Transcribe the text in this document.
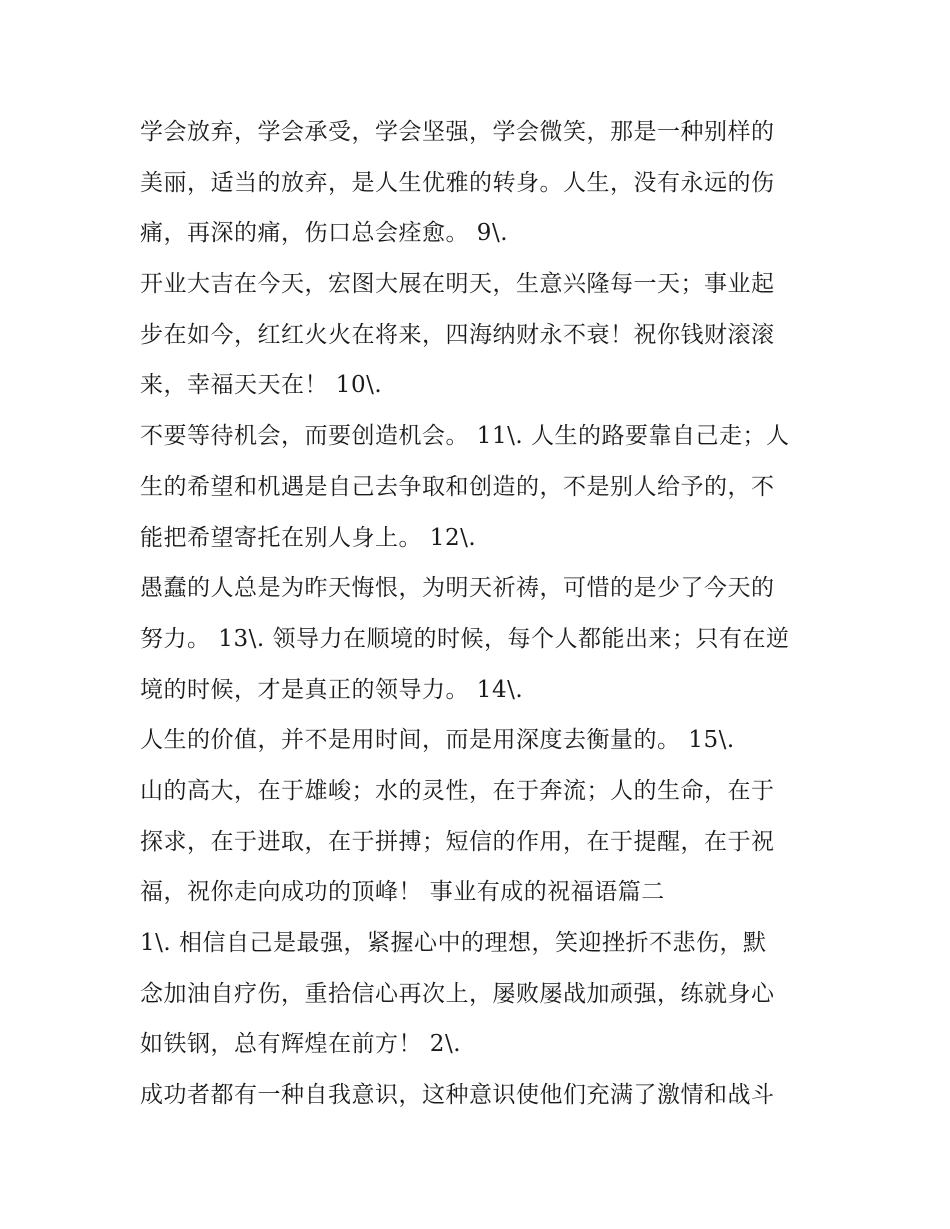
学会放弃，学会承受，学会坚强，学会微笑，那是一种别样的
美丽，适当的放弃，是人生优雅的转身。人生，没有永远的伤
痛，再深的痛，伤口总会痊愈。 9\.
开业大吉在今天，宏图大展在明天，生意兴隆每一天；事业起
步在如今，红红火火在将来，四海纳财永不衰！祝你钱财滚滚
来，幸福天天在！ 10\.
不要等待机会，而要创造机会。 11\. 人生的路要靠自己走；人
生的希望和机遇是自己去争取和创造的，不是别人给予的，不
能把希望寄托在别人身上。 12\.
愚蠢的人总是为昨天悔恨，为明天祈祷，可惜的是少了今天的
努力。 13\. 领导力在顺境的时候，每个人都能出来；只有在逆
境的时候，才是真正的领导力。 14\.
人生的价值，并不是用时间，而是用深度去衡量的。 15\.
山的高大，在于雄峻；水的灵性，在于奔流；人的生命，在于
探求，在于进取，在于拼搏；短信的作用，在于提醒，在于祝
福，祝你走向成功的顶峰！ 事业有成的祝福语篇二
1\. 相信自己是最强，紧握心中的理想，笑迎挫折不悲伤，默
念加油自疗伤，重拾信心再次上，屡败屡战加顽强，练就身心
如铁钢，总有辉煌在前方！ 2\.
成功者都有一种自我意识，这种意识使他们充满了激情和战斗
